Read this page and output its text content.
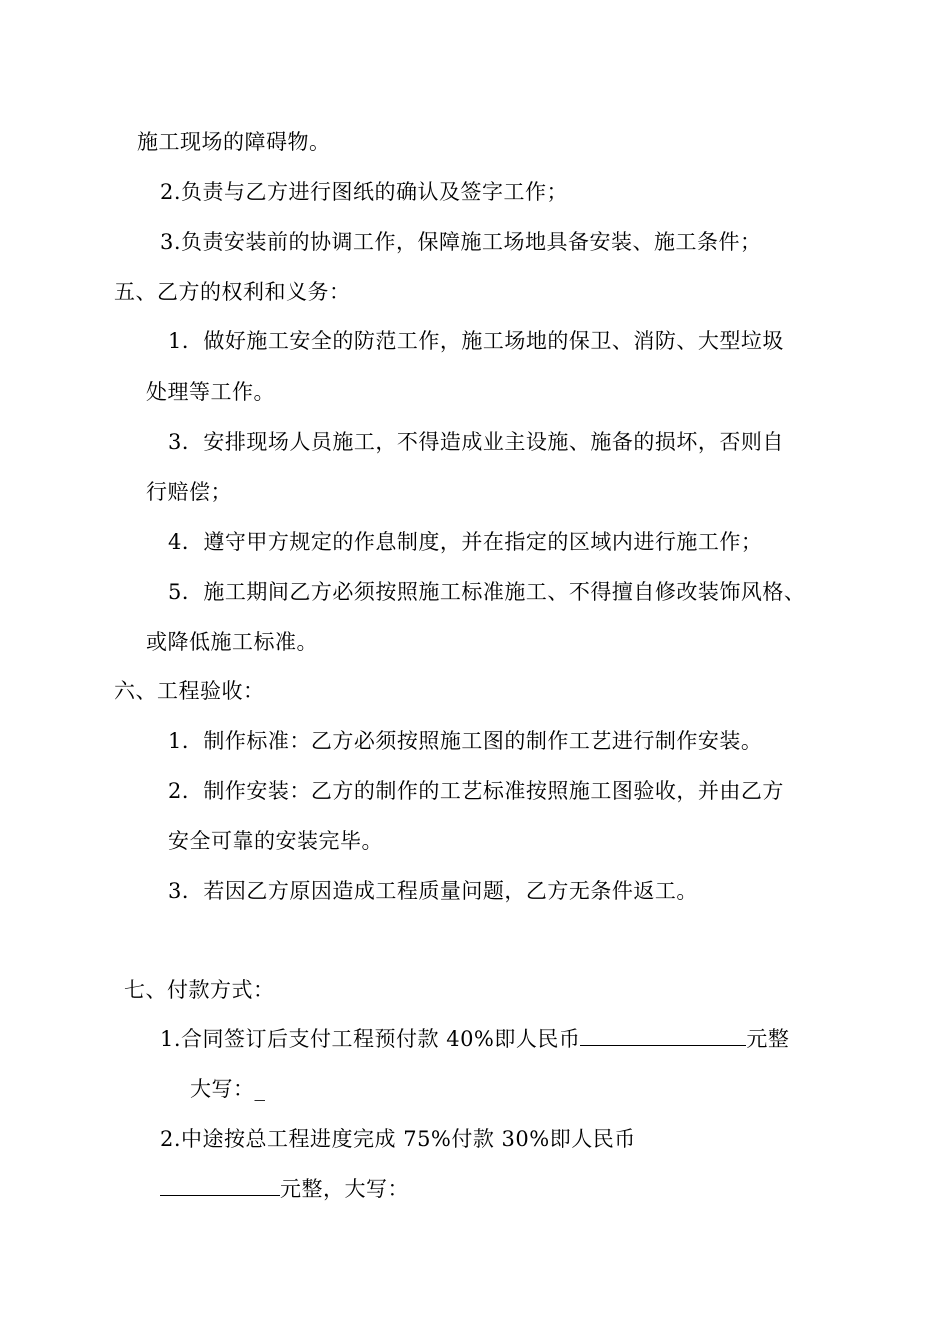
施工现场的障碍物。
2.负责与乙方进行图纸的确认及签字工作；
3.负责安装前的协调工作，保障施工场地具备安装、施工条件；
五、乙方的权利和义务：
1．做好施工安全的防范工作，施工场地的保卫、消防、大型垃圾
处理等工作。
3．安排现场人员施工，不得造成业主设施、施备的损坏，否则自
行赔偿；
4．遵守甲方规定的作息制度，并在指定的区域内进行施工作；
5．施工期间乙方必须按照施工标准施工、不得擅自修改装饰风格、
或降低施工标准。
六、工程验收：
1．制作标准：乙方必须按照施工图的制作工艺进行制作安装。
2．制作安装：乙方的制作的工艺标准按照施工图验收，并由乙方
安全可靠的安装完毕。
3．若因乙方原因造成工程质量问题，乙方无条件返工。
七、付款方式：
1.合同签订后支付工程预付款 40%即人民币	元整
大写：_
2.中途按总工程进度完成 75%付款 30%即人民币
元整，大写：
